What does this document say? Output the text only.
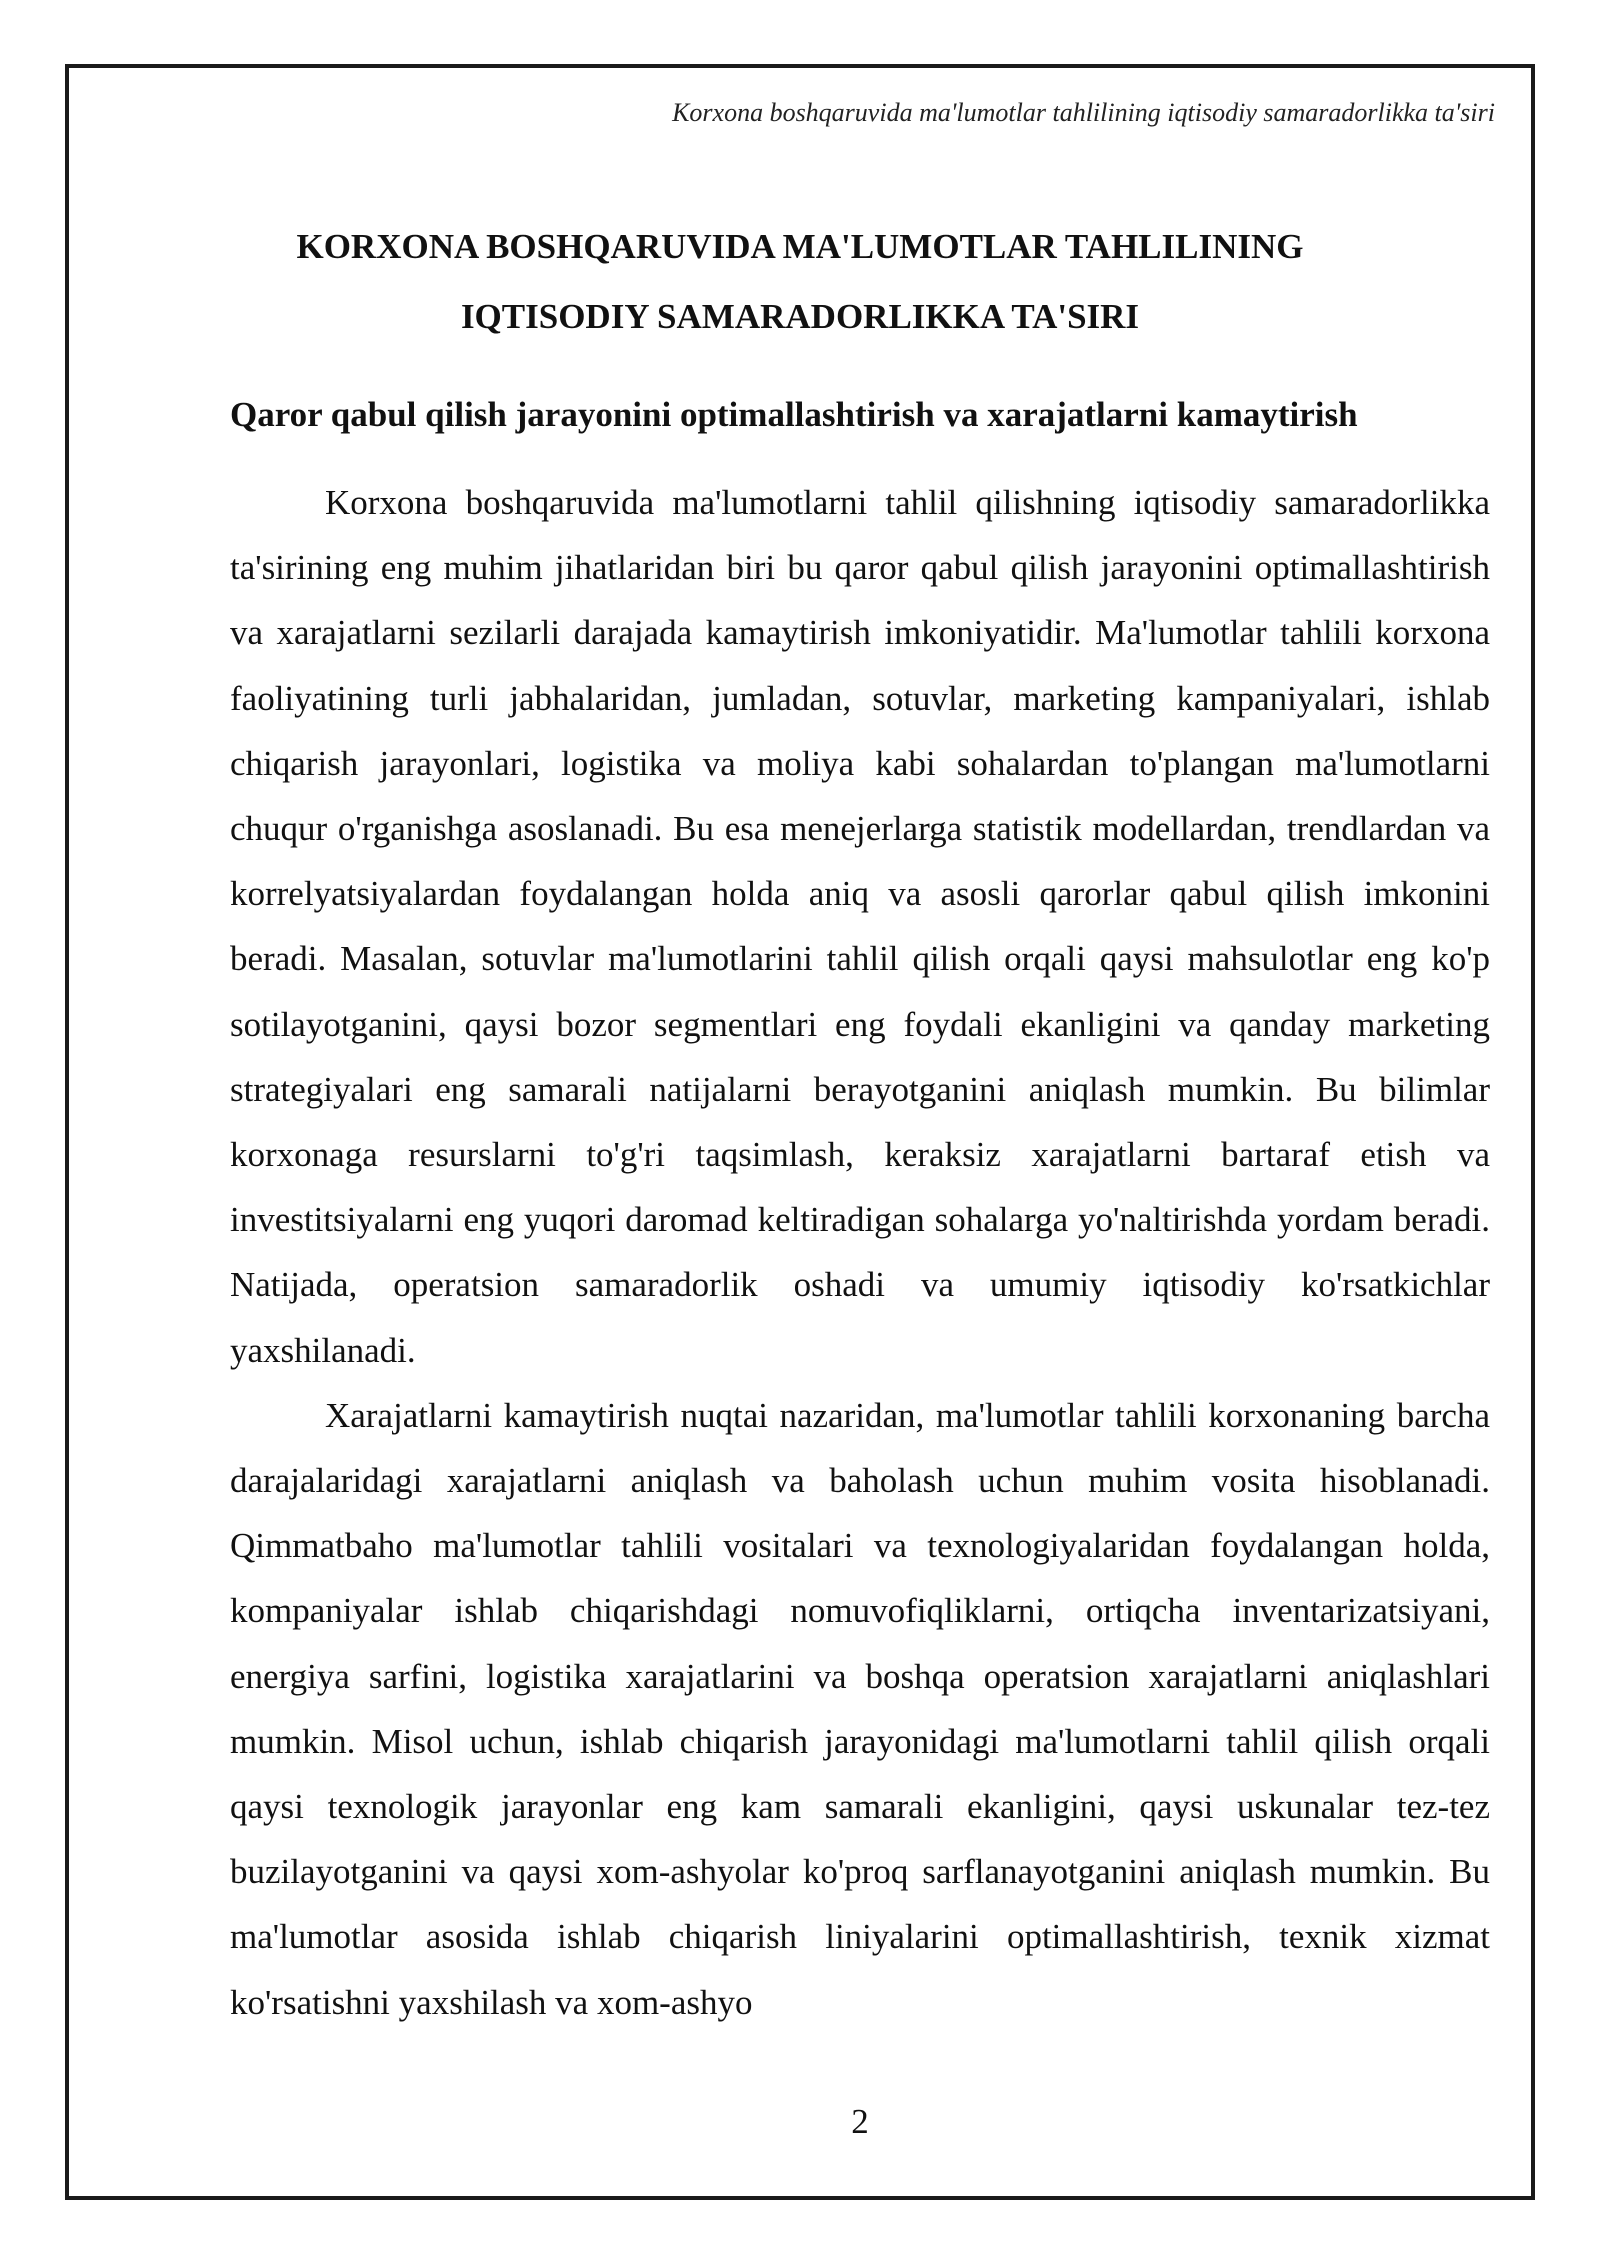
Korxona boshqaruvida ma'lumotlar tahlilining iqtisodiy samaradorlikka ta'siri
KORXONA BOSHQARUVIDA MA'LUMOTLAR TAHLILINING
IQTISODIY SAMARADORLIKKA TA'SIRI
Qaror qabul qilish jarayonini optimallashtirish va xarajatlarni kamaytirish

Korxona boshqaruvida ma'lumotlarni tahlil qilishning iqtisodiy samaradorlikka ta'sirining eng muhim jihatlaridan biri bu qaror qabul qilish jarayonini optimallashtirish va xarajatlarni sezilarli darajada kamaytirish imkoniyatidir. Ma'lumotlar tahlili korxona faoliyatining turli jabhalaridan, jumladan, sotuvlar, marketing kampaniyalari, ishlab chiqarish jarayonlari, logistika va moliya kabi sohalardan to'plangan ma'lumotlarni chuqur o'rganishga asoslanadi. Bu esa menejerlarga statistik modellardan, trendlardan va korrelyatsiyalardan foydalangan holda aniq va asosli qarorlar qabul qilish imkonini beradi. Masalan, sotuvlar ma'lumotlarini tahlil qilish orqali qaysi mahsulotlar eng ko'p sotilayotganini, qaysi bozor segmentlari eng foydali ekanligini va qanday marketing strategiyalari eng samarali natijalarni berayotganini aniqlash mumkin. Bu bilimlar korxonaga resurslarni to'g'ri taqsimlash, keraksiz xarajatlarni bartaraf etish va investitsiyalarni eng yuqori daromad keltiradigan sohalarga yo'naltirishda yordam beradi. Natijada, operatsion samaradorlik oshadi va umumiy iqtisodiy ko'rsatkichlar yaxshilanadi.

Xarajatlarni kamaytirish nuqtai nazaridan, ma'lumotlar tahlili korxonaning barcha darajalaridagi xarajatlarni aniqlash va baholash uchun muhim vosita hisoblanadi. Qimmatbaho ma'lumotlar tahlili vositalari va texnologiyalaridan foydalangan holda, kompaniyalar ishlab chiqarishdagi nomuvofiqliklarni, ortiqcha inventarizatsiyani, energiya sarfini, logistika xarajatlarini va boshqa operatsion xarajatlarni aniqlashlari mumkin. Misol uchun, ishlab chiqarish jarayonidagi ma'lumotlarni tahlil qilish orqali qaysi texnologik jarayonlar eng kam samarali ekanligini, qaysi uskunalar tez-tez buzilayotganini va qaysi xom-ashyolar ko'proq sarflanayotganini aniqlash mumkin. Bu ma'lumotlar asosida ishlab chiqarish liniyalarini optimallashtirish, texnik xizmat ko'rsatishni yaxshilash va xom-ashyo

2
